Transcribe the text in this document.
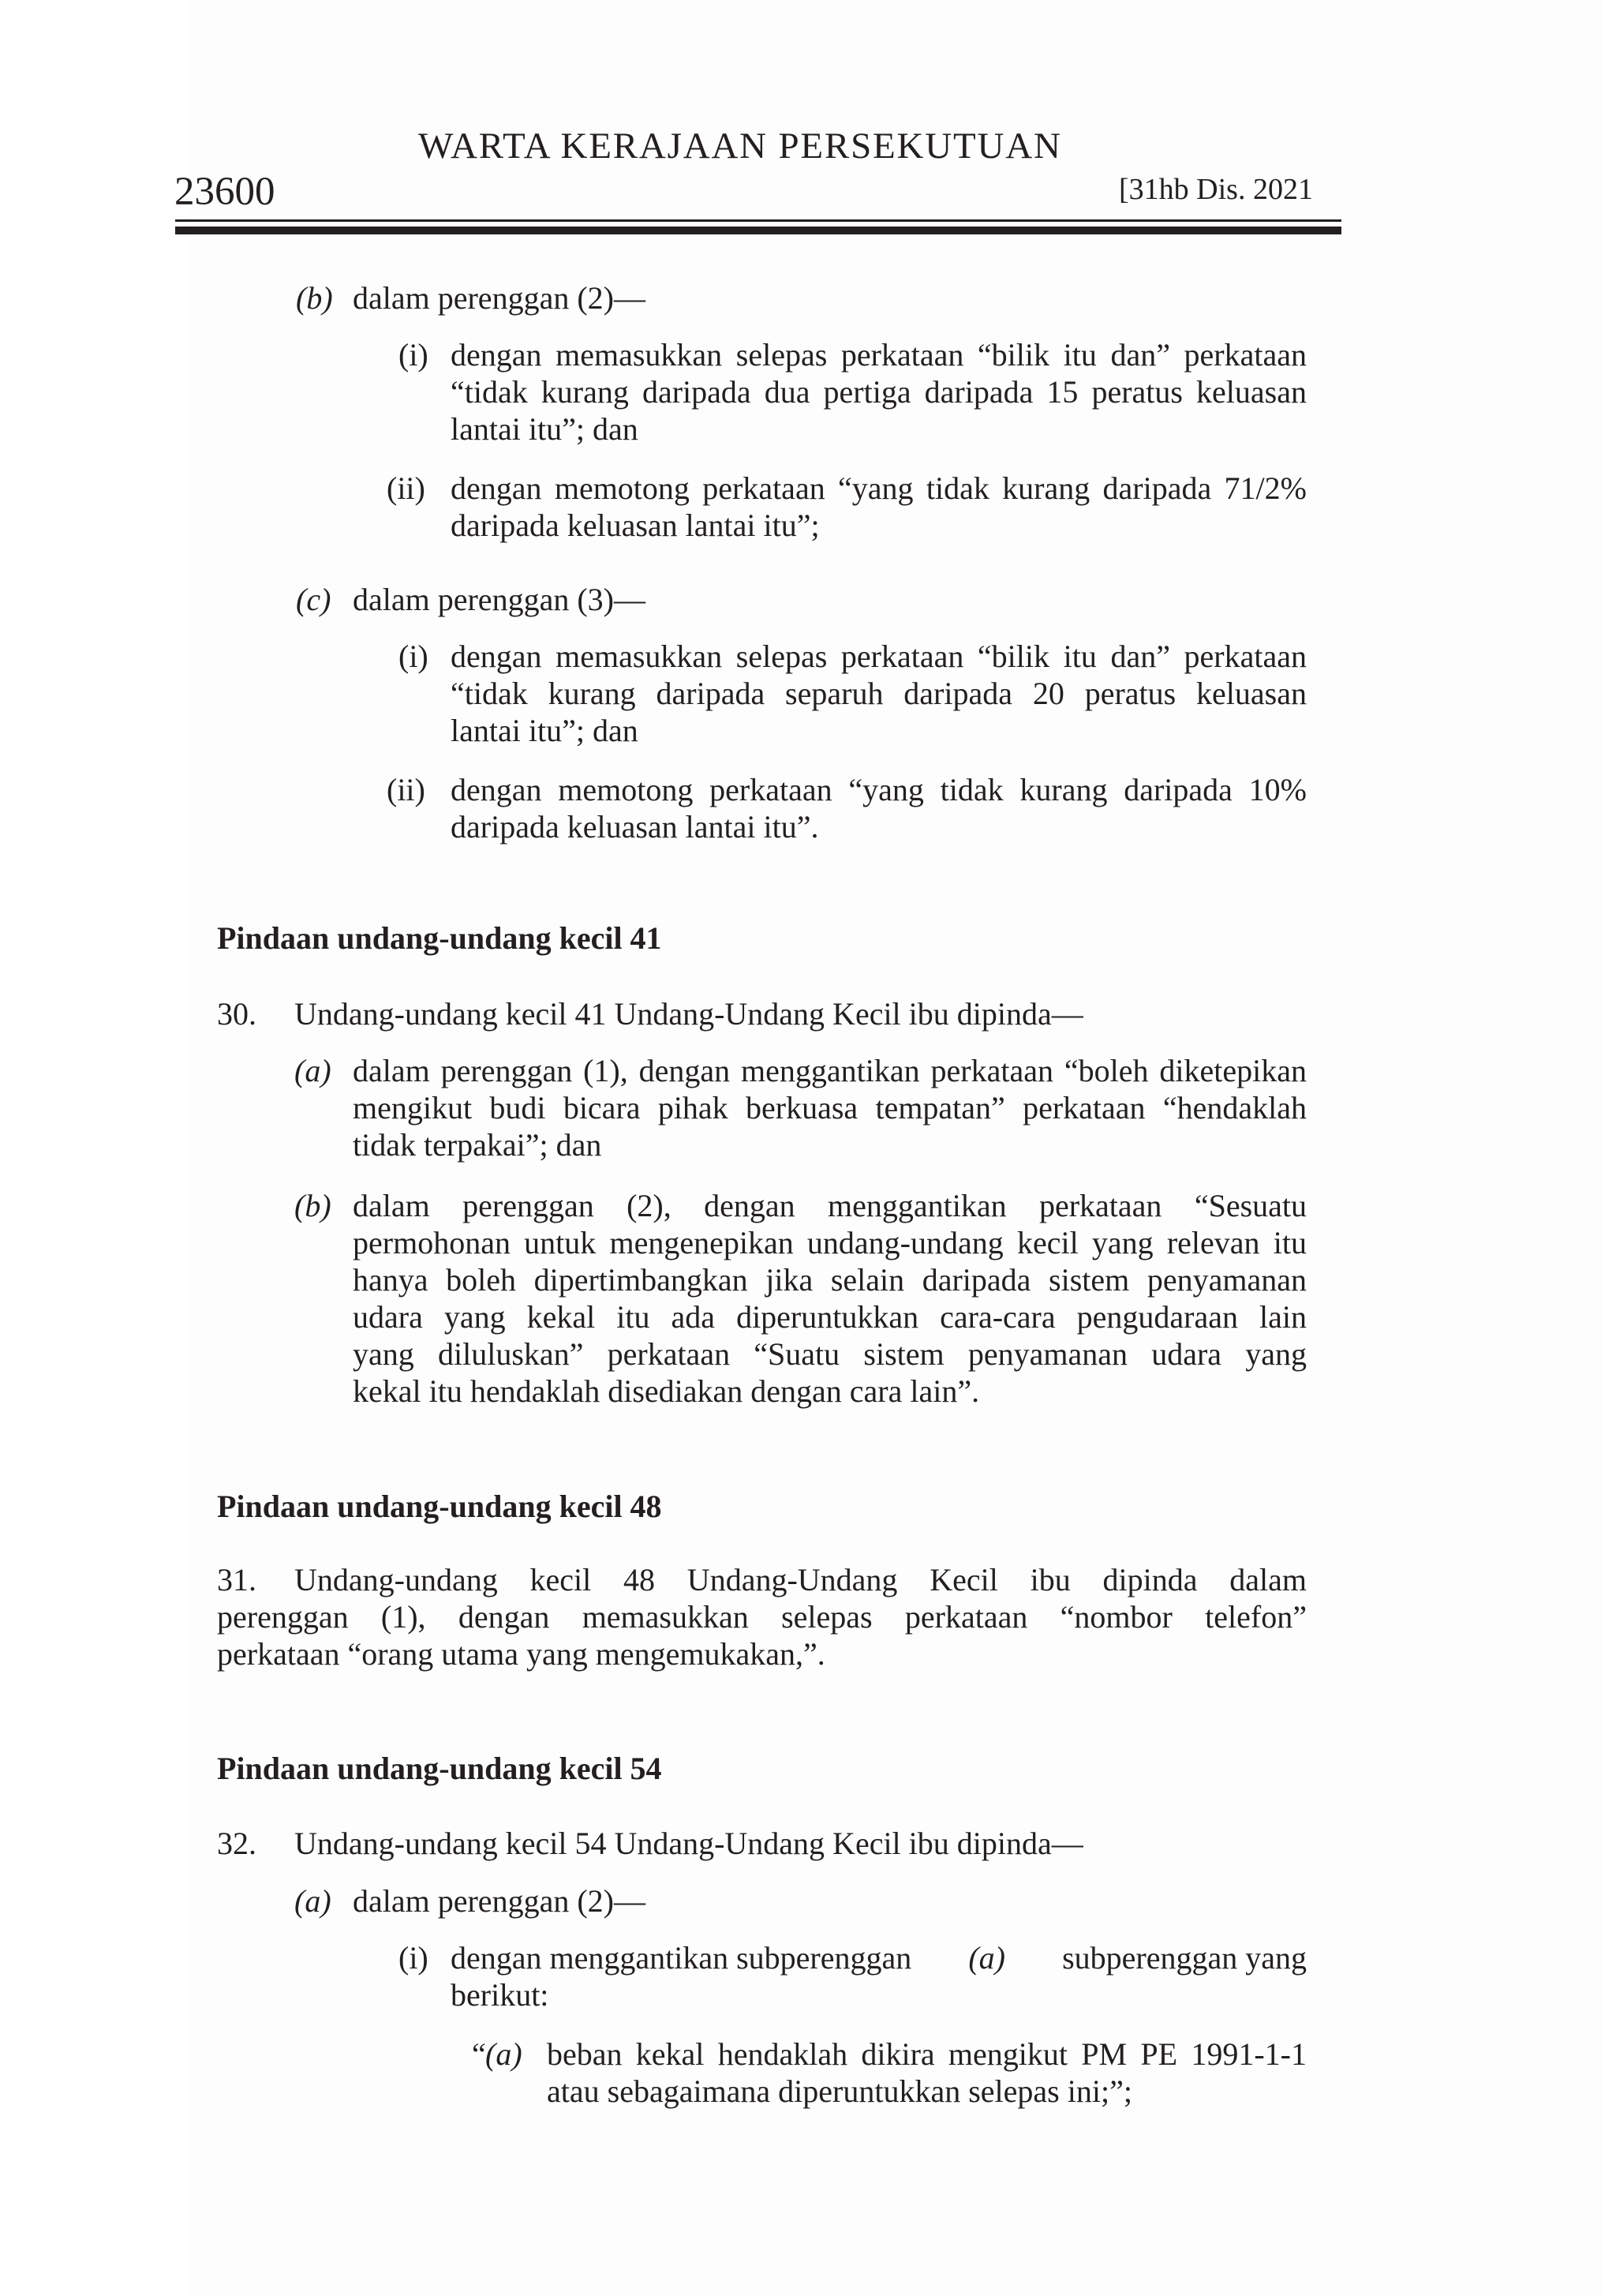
WARTA KERAJAAN PERSEKUTUAN
23600	[31hb Dis. 2021
(b) dalam perenggan (2)—
(i) dengan memasukkan selepas perkataan “bilik itu dan” perkataan
“tidak kurang daripada dua pertiga daripada 15 peratus keluasan
lantai itu”; dan
(ii) dengan memotong perkataan “yang tidak kurang daripada 71/2%
daripada keluasan lantai itu”;
(c) dalam perenggan (3)—
(i) dengan memasukkan selepas perkataan “bilik itu dan” perkataan
“tidak kurang daripada separuh daripada 20 peratus keluasan
lantai itu”; dan
(ii) dengan memotong perkataan “yang tidak kurang daripada 10%
daripada keluasan lantai itu”.
Pindaan undang-undang kecil 41
30. Undang-undang kecil 41 Undang-Undang Kecil ibu dipinda—
(a) dalam perenggan (1), dengan menggantikan perkataan “boleh diketepikan
mengikut budi bicara pihak berkuasa tempatan” perkataan “hendaklah
tidak terpakai”; dan
(b) dalam perenggan (2), dengan menggantikan perkataan “Sesuatu
permohonan untuk mengenepikan undang-undang kecil yang relevan itu
hanya boleh dipertimbangkan jika selain daripada sistem penyamanan
udara yang kekal itu ada diperuntukkan cara-cara pengudaraan lain
yang diluluskan” perkataan “Suatu sistem penyamanan udara yang
kekal itu hendaklah disediakan dengan cara lain”.
Pindaan undang-undang kecil 48
31. Undang-undang kecil 48 Undang-Undang Kecil ibu dipinda dalam
perenggan (1), dengan memasukkan selepas perkataan “nombor telefon”
perkataan “orang utama yang mengemukakan,”.
Pindaan undang-undang kecil 54
32. Undang-undang kecil 54 Undang-Undang Kecil ibu dipinda—
(a) dalam perenggan (2)—
(i) dengan menggantikan subperenggan (a) subperenggan yang
berikut:
“ (a) beban kekal hendaklah dikira mengikut PM PE 1991-1-1
atau sebagaimana diperuntukkan selepas ini;”;
